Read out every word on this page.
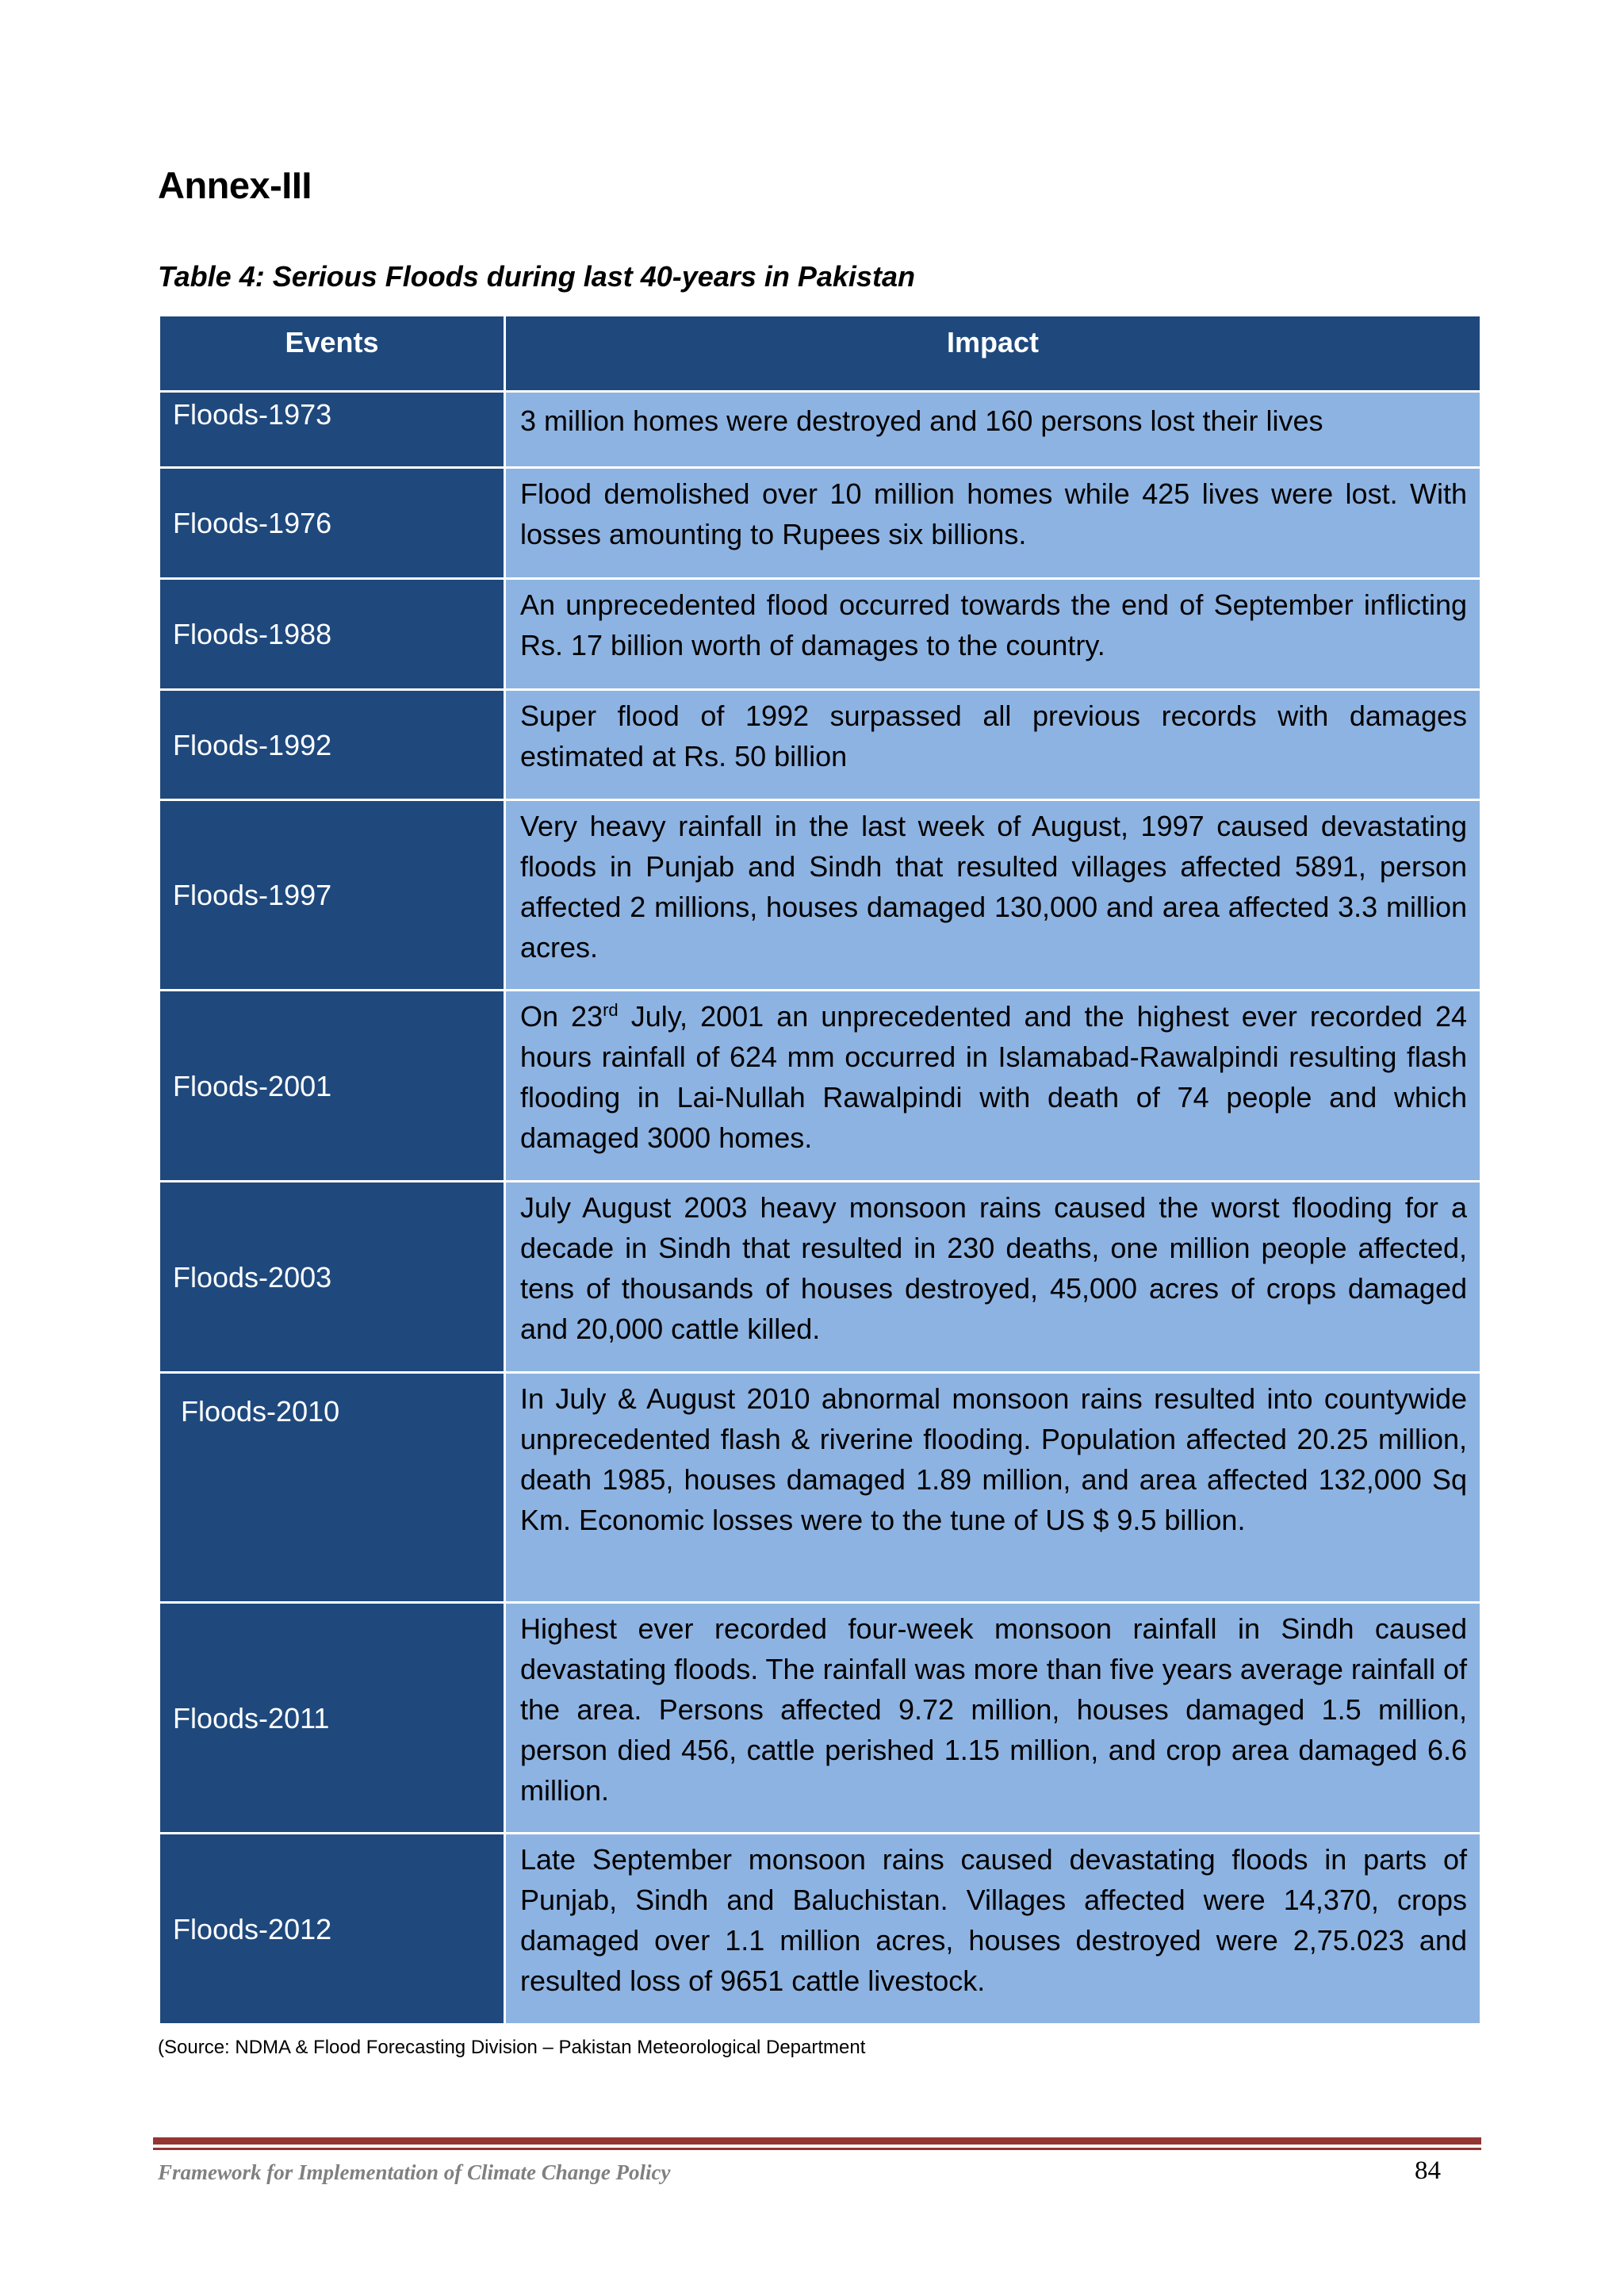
Annex-III
Table 4: Serious Floods during last 40-years in Pakistan
Events	Impact
Floods-1973	3 million homes were destroyed and 160 persons lost their lives
Floods-1976	Flood demolished over 10 million homes while 425 lives were lost. With losses amounting to Rupees six billions.
Floods-1988	An unprecedented flood occurred towards the end of September inflicting Rs. 17 billion worth of damages to the country.
Floods-1992	Super flood of 1992 surpassed all previous records with damages estimated at Rs. 50 billion
Floods-1997	Very heavy rainfall in the last week of August, 1997 caused devastating floods in Punjab and Sindh that resulted villages affected 5891, person affected 2 millions, houses damaged 130,000 and area affected 3.3 million acres.
Floods-2001	On 23rd July, 2001 an unprecedented and the highest ever recorded 24 hours rainfall of 624 mm occurred in Islamabad-Rawalpindi resulting flash flooding in Lai-Nullah Rawalpindi with death of 74 people and which damaged 3000 homes.
Floods-2003	July August 2003 heavy monsoon rains caused the worst flooding for a decade in Sindh that resulted in 230 deaths, one million people affected, tens of thousands of houses destroyed, 45,000 acres of crops damaged and 20,000 cattle killed.
Floods-2010	In July & August 2010 abnormal monsoon rains resulted into countywide unprecedented flash & riverine flooding. Population affected 20.25 million, death 1985, houses damaged 1.89 million, and area affected 132,000 Sq Km. Economic losses were to the tune of US $ 9.5 billion.
Floods-2011	Highest ever recorded four-week monsoon rainfall in Sindh caused devastating floods. The rainfall was more than five years average rainfall of the area. Persons affected 9.72 million, houses damaged 1.5 million, person died 456, cattle perished 1.15 million, and crop area damaged 6.6 million.
Floods-2012	Late September monsoon rains caused devastating floods in parts of Punjab, Sindh and Baluchistan. Villages affected were 14,370, crops damaged over 1.1 million acres, houses destroyed were 2,75.023 and resulted loss of 9651 cattle livestock.
(Source: NDMA & Flood Forecasting Division – Pakistan Meteorological Department
Framework for Implementation of Climate Change Policy	84
